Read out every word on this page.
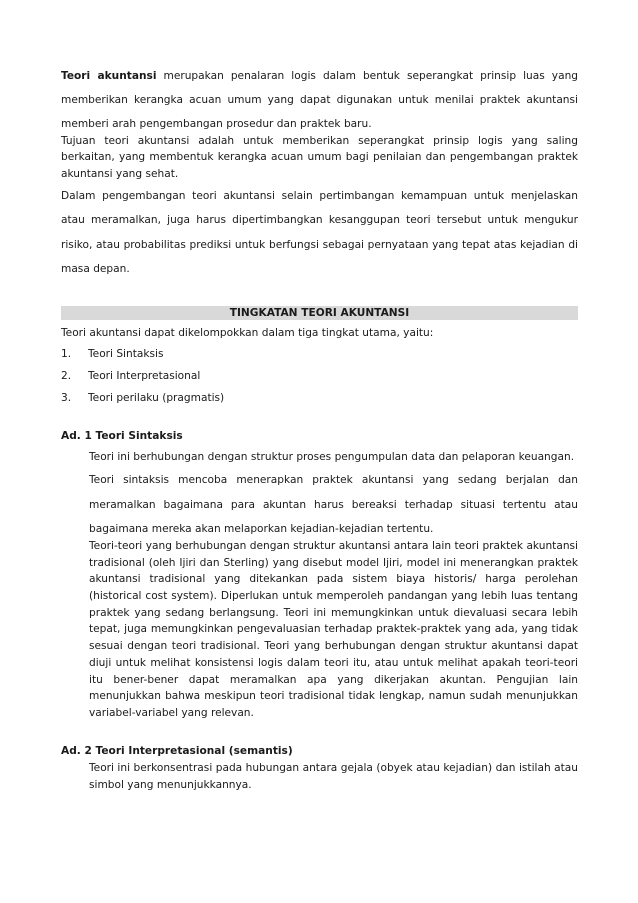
Teori akuntansi merupakan penalaran logis dalam bentuk seperangkat prinsip luas yang memberikan kerangka acuan umum yang dapat digunakan untuk menilai praktek akuntansi memberi arah pengembangan prosedur dan praktek baru.

Tujuan teori akuntansi adalah untuk memberikan seperangkat prinsip logis yang saling berkaitan, yang membentuk kerangka acuan umum bagi penilaian dan pengembangan praktek akuntansi yang sehat.

Dalam pengembangan teori akuntansi selain pertimbangan kemampuan untuk menjelaskan atau meramalkan, juga harus dipertimbangkan kesanggupan teori tersebut untuk mengukur risiko, atau probabilitas prediksi untuk berfungsi sebagai pernyataan yang tepat atas kejadian di masa depan.

TINGKATAN TEORI AKUNTANSI

Teori akuntansi dapat dikelompokkan dalam tiga tingkat utama, yaitu:

1.	Teori Sintaksis
2.	Teori Interpretasional
3.	Teori perilaku (pragmatis)
Ad. 1 Teori Sintaksis

Teori ini berhubungan dengan struktur proses pengumpulan data dan pelaporan keuangan.

Teori sintaksis mencoba menerapkan praktek akuntansi yang sedang berjalan dan meramalkan bagaimana para akuntan harus bereaksi terhadap situasi tertentu atau bagaimana mereka akan melaporkan kejadian-kejadian tertentu.

Teori-teori yang berhubungan dengan struktur akuntansi antara lain teori praktek akuntansi tradisional (oleh Ijiri dan Sterling) yang disebut model Ijiri, model ini menerangkan praktek akuntansi tradisional yang ditekankan pada sistem biaya historis/ harga perolehan (historical cost system). Diperlukan untuk memperoleh pandangan yang lebih luas tentang praktek yang sedang berlangsung. Teori ini memungkinkan untuk dievaluasi secara lebih tepat, juga memungkinkan pengevaluasian terhadap praktek-praktek yang ada, yang tidak sesuai dengan teori tradisional. Teori yang berhubungan dengan struktur akuntansi dapat diuji untuk melihat konsistensi logis dalam teori itu, atau untuk melihat apakah teori-teori itu bener-bener dapat meramalkan apa yang dikerjakan akuntan. Pengujian lain menunjukkan bahwa meskipun teori tradisional tidak lengkap, namun sudah menunjukkan variabel-variabel yang relevan.

Ad. 2 Teori Interpretasional (semantis)

Teori ini berkonsentrasi pada hubungan antara gejala (obyek atau kejadian) dan istilah atau simbol yang menunjukkannya.
